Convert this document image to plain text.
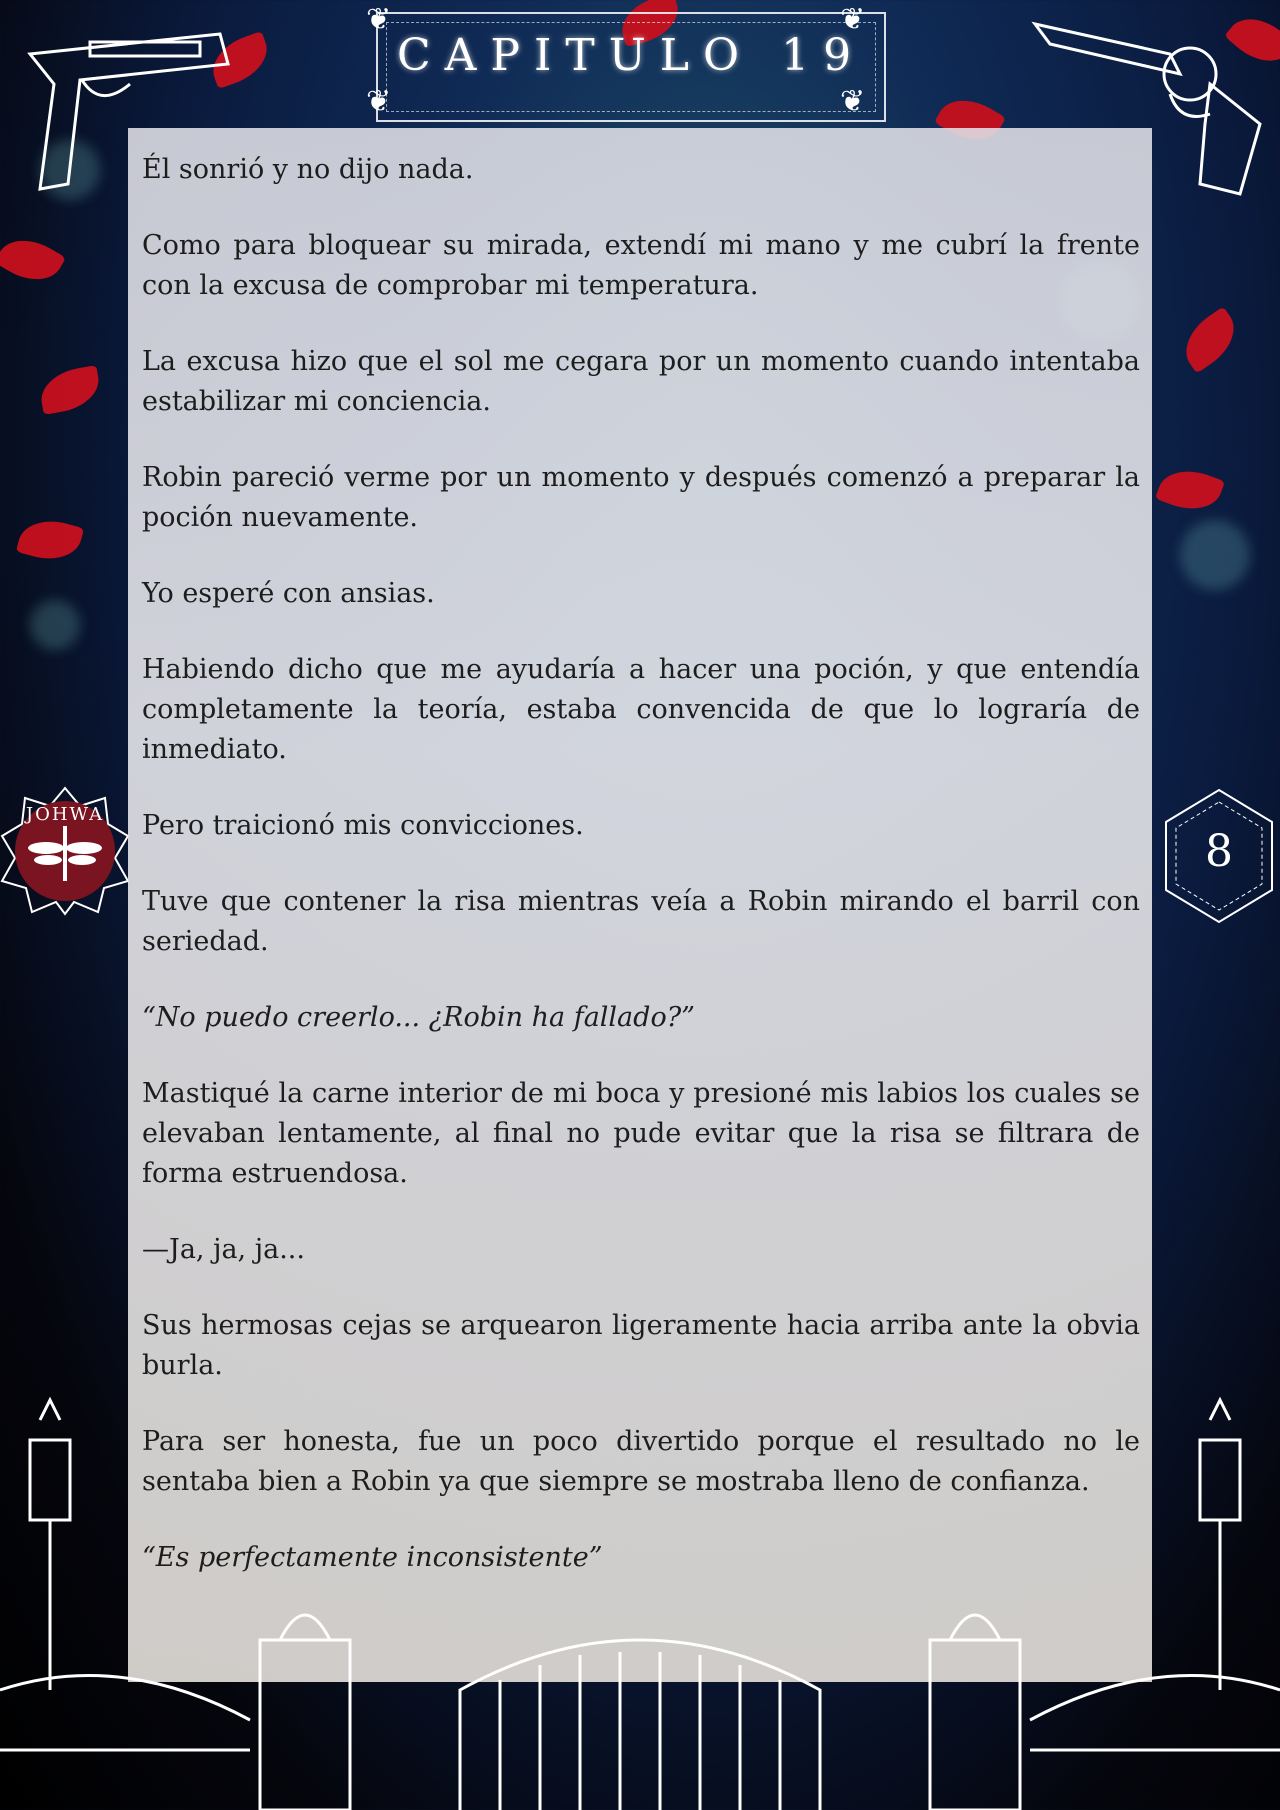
❦	❦
❦	❦
CAPITULO 19
JOHWA
8

Él sonrió y no dijo nada.

Como para bloquear su mirada, extendí mi mano y me cubrí la frente con la excusa de comprobar mi temperatura.

La excusa hizo que el sol me cegara por un momento cuando intentaba estabilizar mi conciencia.

Robin pareció verme por un momento y después comenzó a preparar la poción nuevamente.

Yo esperé con ansias.

Habiendo dicho que me ayudaría a hacer una poción, y que entendía completamente la teoría, estaba convencida de que lo lograría de inmediato.

Pero traicionó mis convicciones.

Tuve que contener la risa mientras veía a Robin mirando el barril con seriedad.

“No puedo creerlo... ¿Robin ha fallado?”

Mastiqué la carne interior de mi boca y presioné mis labios los cuales se elevaban lentamente, al final no pude evitar que la risa se filtrara de forma estruendosa.

—Ja, ja, ja...

Sus hermosas cejas se arquearon ligeramente hacia arriba ante la obvia burla.

Para ser honesta, fue un poco divertido porque el resultado no le sentaba bien a Robin ya que siempre se mostraba lleno de confianza.

“Es perfectamente inconsistente”
